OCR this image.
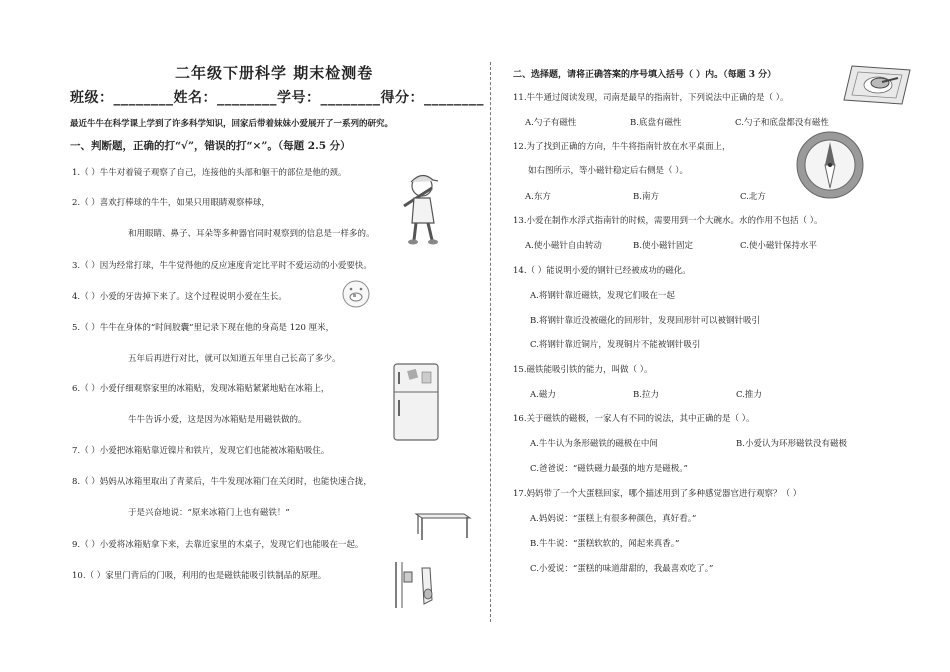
二年级下册科学 期末检测卷
班级：________姓名：________学号：________得分：________
最近牛牛在科学课上学到了许多科学知识，回家后带着妹妹小爱展开了一系列的研究。
一、判断题，正确的打“√”，错误的打“×”。（每题 2.5 分）
1.（ ）牛牛对着镜子观察了自己，连接他的头部和躯干的部位是他的颈。
2.（ ）喜欢打棒球的牛牛，如果只用眼睛观察棒球，
和用眼睛、鼻子、耳朵等多种器官同时观察到的信息是一样多的。
3.（ ）因为经常打球，牛牛觉得他的反应速度肯定比平时不爱运动的小爱要快。
4.（ ）小爱的牙齿掉下来了。这个过程说明小爱在生长。
5.（ ）牛牛在身体的“时间胶囊”里记录下现在他的身高是 120 厘米，
五年后再进行对比，就可以知道五年里自己长高了多少。
6.（ ）小爱仔细观察家里的冰箱贴，发现冰箱贴紧紧地贴在冰箱上，
牛牛告诉小爱，这是因为冰箱贴是用磁铁做的。
7.（ ）小爱把冰箱贴靠近镍片和铁片，发现它们也能被冰箱贴吸住。
8.（ ）妈妈从冰箱里取出了青菜后，牛牛发现冰箱门在关闭时，也能快速合拢，
于是兴奋地说：“原来冰箱门上也有磁铁！”
9.（ ）小爱将冰箱贴拿下来，去靠近家里的木桌子，发现它们也能吸在一起。
10.（ ）家里门背后的门吸，利用的也是磁铁能吸引铁制品的原理。
二、选择题，请将正确答案的序号填入括号（ ）内。（每题 3 分）
11.牛牛通过阅读发现，司南是最早的指南针，下列说法中正确的是（ ）。
A.勺子有磁性	B.底盘有磁性	C.勺子和底盘都没有磁性
12.为了找到正确的方向，牛牛将指南针放在水平桌面上，
如右图所示，等小磁针稳定后右侧是（ ）。
A.东方	B.南方	C.北方
13.小爱在制作水浮式指南针的时候，需要用到一个大碗水。水的作用不包括（ ）。
A.使小磁针自由转动	B.使小磁针固定	C.使小磁针保持水平
14.（ ）能说明小爱的钢针已经被成功的磁化。
A.将钢针靠近磁铁，发现它们吸在一起
B.将钢针靠近没被磁化的回形针，发现回形针可以被钢针吸引
C.将钢针靠近铜片，发现铜片不能被钢针吸引
15.磁铁能吸引铁的能力，叫做（ ）。
A.磁力	B.拉力	C.推力
16.关于磁铁的磁极，一家人有不同的说法，其中正确的是（ ）。
A.牛牛认为条形磁铁的磁极在中间	B.小爱认为环形磁铁没有磁极
C.爸爸说：“磁铁磁力最强的地方是磁极。”
17.妈妈带了一个大蛋糕回家，哪个描述用到了多种感觉器官进行观察？（ ）
A.妈妈说：“蛋糕上有很多种颜色，真好看。”
B.牛牛说：“蛋糕软软的，闻起来真香。”
C.小爱说：“蛋糕的味道甜甜的，我最喜欢吃了。”
